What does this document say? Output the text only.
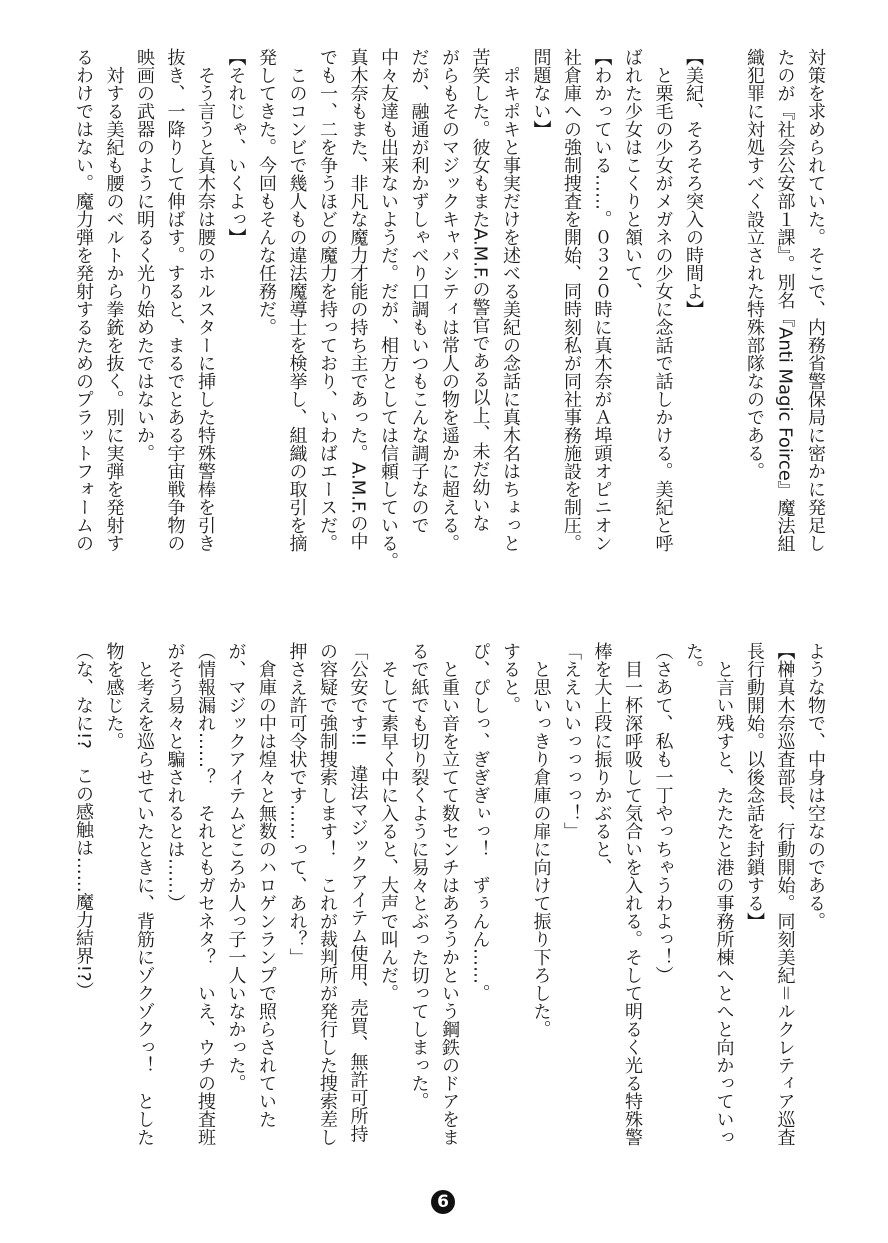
対策を求められていた。そこで、内務省警保局に密かに発足し
たのが『社会公安部１課』。別名『Anti Magic Foirce』魔法組
織犯罪に対処すべく設立された特殊部隊なのである。
【美紀、そろそろ突入の時間よ】
　と栗毛の少女がメガネの少女に念話で話しかける。美紀と呼
ばれた少女はこくりと頷いて、
【わかっている……。０３２０時に真木奈がＡ埠頭オピニオン
社倉庫への強制捜査を開始、同時刻私が同社事務施設を制圧。
問題ない】
　ポキポキと事実だけを述べる美紀の念話に真木名はちょっと
苦笑した。彼女もまたA.M.F.の警官である以上、未だ幼いな
がらもそのマジックキャパシティは常人の物を遥かに超える。
だが、融通が利かずしゃべり口調もいつもこんな調子なので
中々友達も出来ないようだ。だが、相方としては信頼している。
真木奈もまた、非凡な魔力才能の持ち主であった。A.M.F.の中
でも一、二を争うほどの魔力を持っており、いわばエースだ。
　このコンビで幾人もの違法魔導士を検挙し、組織の取引を摘
発してきた。今回もそんな任務だ。
【それじゃ、いくよっ】
　そう言うと真木奈は腰のホルスターに挿した特殊警棒を引き
抜き、一降りして伸ばす。すると、まるでとある宇宙戦争物の
映画の武器のように明るく光り始めたではないか。
　対する美紀も腰のベルトから拳銃を抜く。別に実弾を発射す
るわけではない。魔力弾を発射するためのプラットフォームの
ような物で、中身は空なのである。
【榊真木奈巡査部長、行動開始。同刻美紀＝ルクレティア巡査
長行動開始。以後念話を封鎖する】
　と言い残すと、たたたと港の事務所棟へとへと向かっていっ
た。
（さあて、私も一丁やっちゃうわよっ！）
　目一杯深呼吸して気合いを入れる。そして明るく光る特殊警
棒を大上段に振りかぶると、
「ええいいっっっっ！」
　と思いっきり倉庫の扉に向けて振り下ろした。
すると。
ぴ、ぴしっ、ぎぎぎぃっ！　ずぅんん……。
　と重い音を立てて数センチはあろうかという鋼鉄のドアをま
るで紙でも切り裂くように易々とぶった切ってしまった。
　そして素早く中に入ると、大声で叫んだ。
「公安です!!　違法マジックアイテム使用、売買、無許可所持
の容疑で強制捜索します！　これが裁判所が発行した捜索差し
押さえ許可令状です……って、あれ？」
　倉庫の中は煌々と無数のハロゲンランプで照らされていた
が、マジックアイテムどころか人っ子一人いなかった。
（情報漏れ……？　それともガセネタ？　いえ、ウチの捜査班
がそう易々と騙されるとは……）
　と考えを巡らせていたときに、背筋にゾクゾクっ！　とした
物を感じた。
（な、なに!?　この感触は……魔力結界!?）
6
